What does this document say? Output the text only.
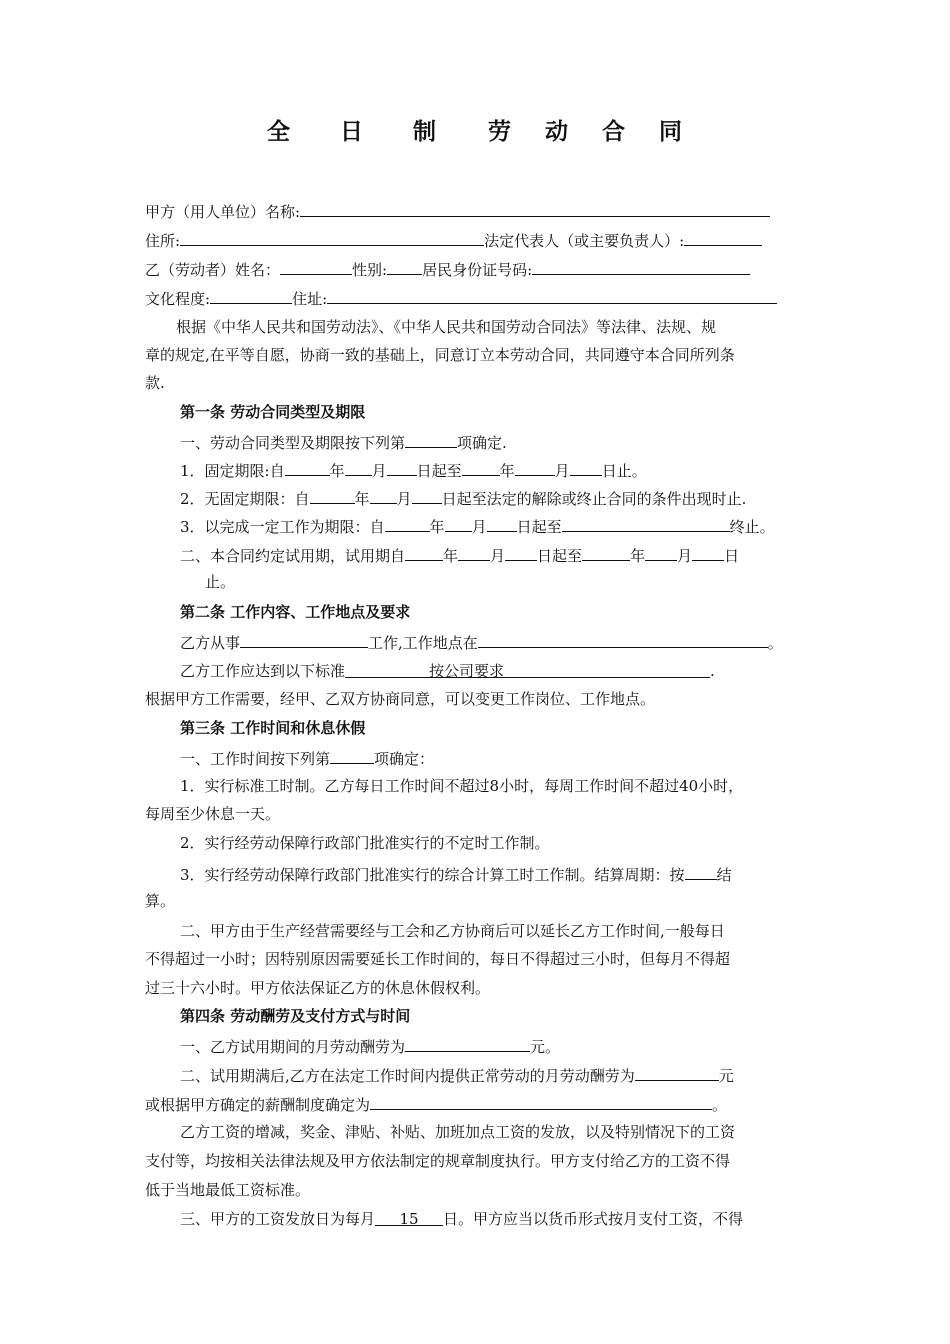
全 日 制 劳 动 合 同
甲方（用人单位）名称:
住所:	法定代表人（或主要负责人）:
乙（劳动者）姓名：	性别: 居民身份证号码:
文化程度:	住址:
根据《中华人民共和国劳动法》、《中华人民共和国劳动合同法》等法律、法规、规
章的规定,在平等自愿，协商一致的基础上，同意订立本劳动合同，共同遵守本合同所列条
款.
第一条 劳动合同类型及期限
一、劳动合同类型及期限按下列第	项确定.
1．固定期限:自	年 月 日起至	年	月 日止。
2．无固定期限：自	年 月 日起至法定的解除或终止合同的条件出现时止.
3．以完成一定工作为期限：自	年 月 日起至	终止。
二、本合同约定试用期，试用期自	年 月 日起至	年 月 日
止。
第二条 工作内容、工作地点及要求
乙方从事	工作,工作地点在	。
乙方工作应达到以下标准	按公司要求	.
根据甲方工作需要，经甲、乙双方协商同意，可以变更工作岗位、工作地点。
第三条 工作时间和休息休假
一、工作时间按下列第	项确定：
1．实行标准工时制。乙方每日工作时间不超过8小时，每周工作时间不超过40小时，
每周至少休息一天。
2．实行经劳动保障行政部门批准实行的不定时工作制。
3．实行经劳动保障行政部门批准实行的综合计算工时工作制。结算周期：按 结
算。
二、甲方由于生产经营需要经与工会和乙方协商后可以延长乙方工作时间,一般每日
不得超过一小时；因特别原因需要延长工作时间的，每日不得超过三小时，但每月不得超
过三十六小时。甲方依法保证乙方的休息休假权利。
第四条 劳动酬劳及支付方式与时间
一、乙方试用期间的月劳动酬劳为	元。
二、试用期满后,乙方在法定工作时间内提供正常劳动的月劳动酬劳为	元
或根据甲方确定的薪酬制度确定为	。
乙方工资的增减，奖金、津贴、补贴、加班加点工资的发放，以及特别情况下的工资
支付等，均按相关法律法规及甲方依法制定的规章制度执行。甲方支付给乙方的工资不得
低于当地最低工资标准。
三、甲方的工资发放日为每月 15 日。甲方应当以货币形式按月支付工资，不得
